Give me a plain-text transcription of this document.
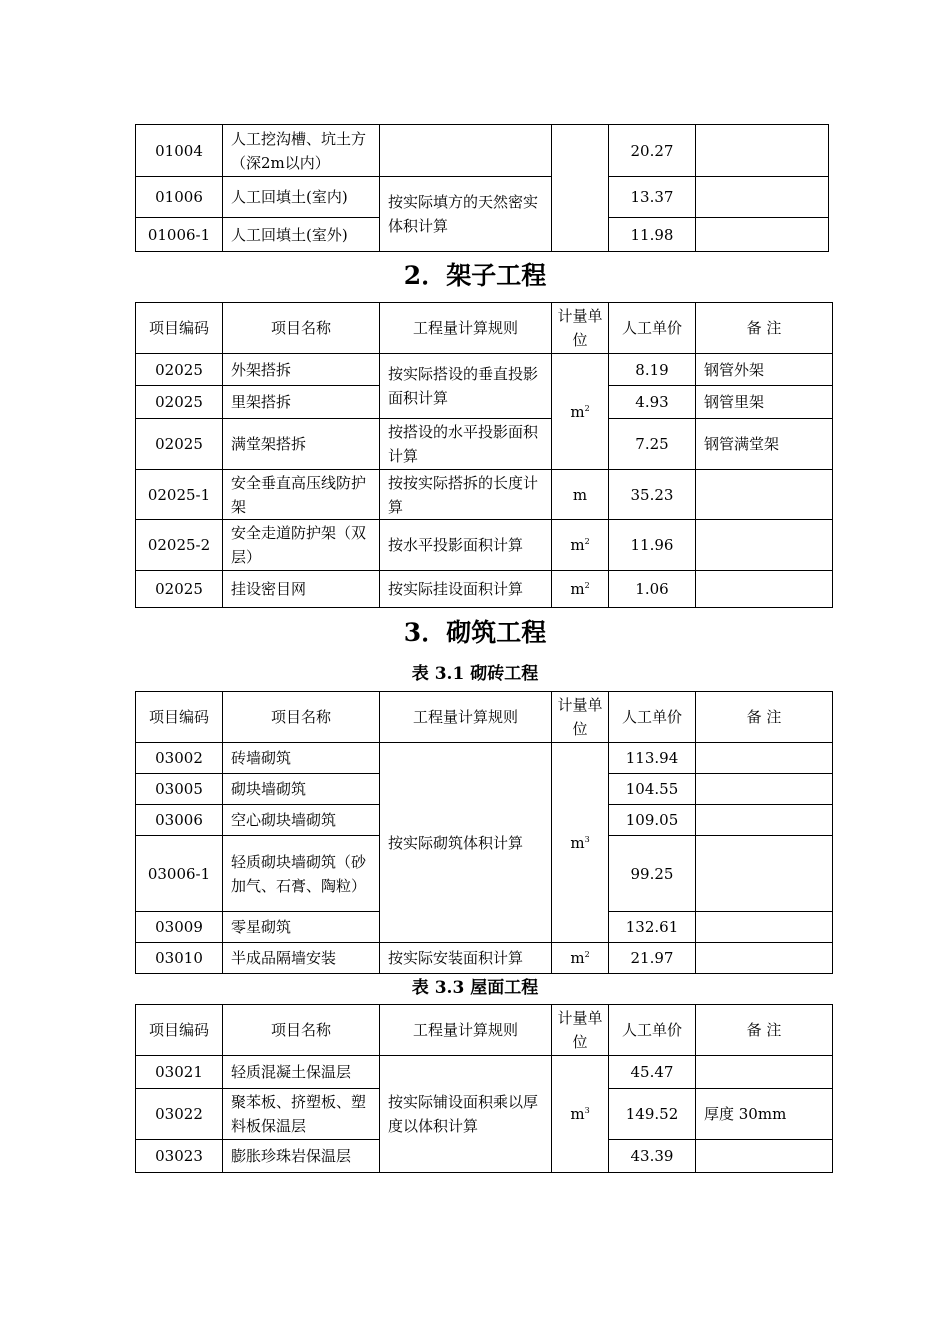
01004	人工挖沟槽、坑土方（深2m以内）			20.27	
01006	人工回填土(室内)	按实际填方的天然密实体积计算		13.37	
01006-1	人工回填土(室外)			11.98	
2．架子工程
项目编码	项目名称	工程量计算规则	计量单位	人工单价	备 注
02025	外架搭拆	按实际搭设的垂直投影面积计算	$m^2$	8.19	钢管外架
02025	里架搭拆			4.93	钢管里架
02025	满堂架搭拆	按搭设的水平投影面积计算		7.25	钢管满堂架
02025-1	安全垂直高压线防护架	按按实际搭拆的长度计算	m	35.23	
02025-2	安全走道防护架（双层）	按水平投影面积计算	$m^2$	11.96	
02025	挂设密目网	按实际挂设面积计算	$m^2$	1.06	
3．砌筑工程
表 3.1 砌砖工程
项目编码	项目名称	工程量计算规则	计量单位	人工单价	备 注
03002	砖墙砌筑	按实际砌筑体积计算	$m^3$	113.94	
03005	砌块墙砌筑			104.55	
03006	空心砌块墙砌筑			109.05	
03006-1	轻质砌块墙砌筑（砂加气、石膏、陶粒）			99.25	
03009	零星砌筑			132.61	
03010	半成品隔墙安装	按实际安装面积计算	$m^2$	21.97	
表 3.3 屋面工程
项目编码	项目名称	工程量计算规则	计量单位	人工单价	备 注
03021	轻质混凝土保温层	按实际铺设面积乘以厚度以体积计算	$m^3$	45.47	
03022	聚苯板、挤塑板、塑料板保温层			149.52	厚度 30mm
03023	膨胀珍珠岩保温层			43.39	
